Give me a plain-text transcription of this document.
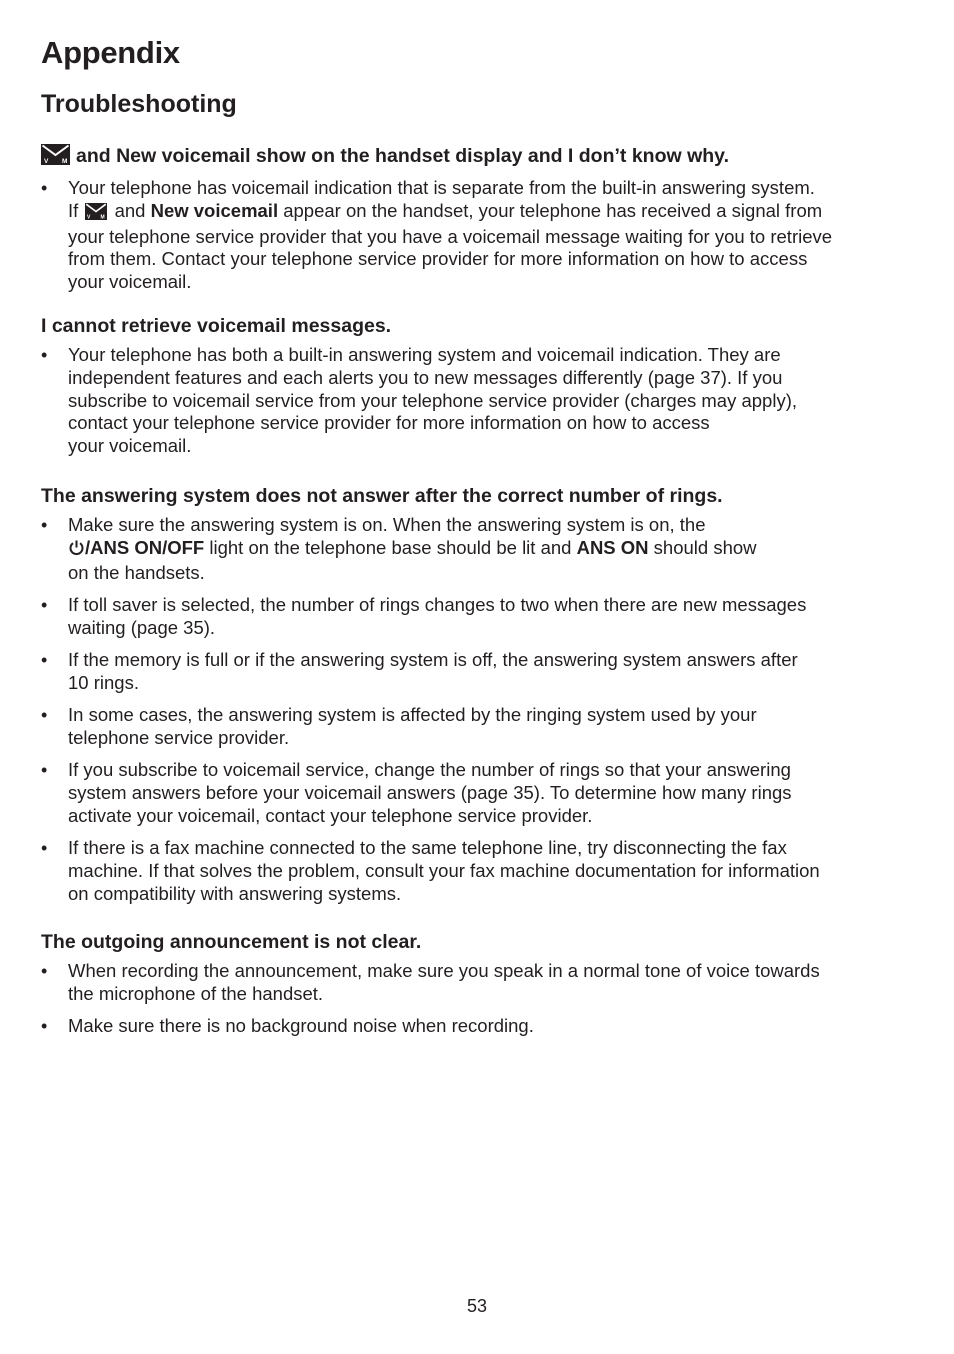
Appendix
Troubleshooting

V M and New voicemail show on the handset display and I don’t know why.

• Your telephone has voicemail indication that is separate from the built-in answering system.
If V M and New voicemail appear on the handset, your telephone has received a signal from
your telephone service provider that you have a voicemail message waiting for you to retrieve
from them. Contact your telephone service provider for more information on how to access
your voicemail.

I cannot retrieve voicemail messages.

• Your telephone has both a built-in answering system and voicemail indication. They are
independent features and each alerts you to new messages differently (page 37). If you
subscribe to voicemail service from your telephone service provider (charges may apply),
contact your telephone service provider for more information on how to access
your voicemail.

The answering system does not answer after the correct number of rings.

• Make sure the answering system is on. When the answering system is on, the
/ANS ON/OFF light on the telephone base should be lit and ANS ON should show
on the handsets.
• If toll saver is selected, the number of rings changes to two when there are new messages
waiting (page 35).
• If the memory is full or if the answering system is off, the answering system answers after
10 rings.
• In some cases, the answering system is affected by the ringing system used by your
telephone service provider.
• If you subscribe to voicemail service, change the number of rings so that your answering
system answers before your voicemail answers (page 35). To determine how many rings
activate your voicemail, contact your telephone service provider.
• If there is a fax machine connected to the same telephone line, try disconnecting the fax
machine. If that solves the problem, consult your fax machine documentation for information
on compatibility with answering systems.

The outgoing announcement is not clear.

• When recording the announcement, make sure you speak in a normal tone of voice towards
the microphone of the handset.
• Make sure there is no background noise when recording.
53
